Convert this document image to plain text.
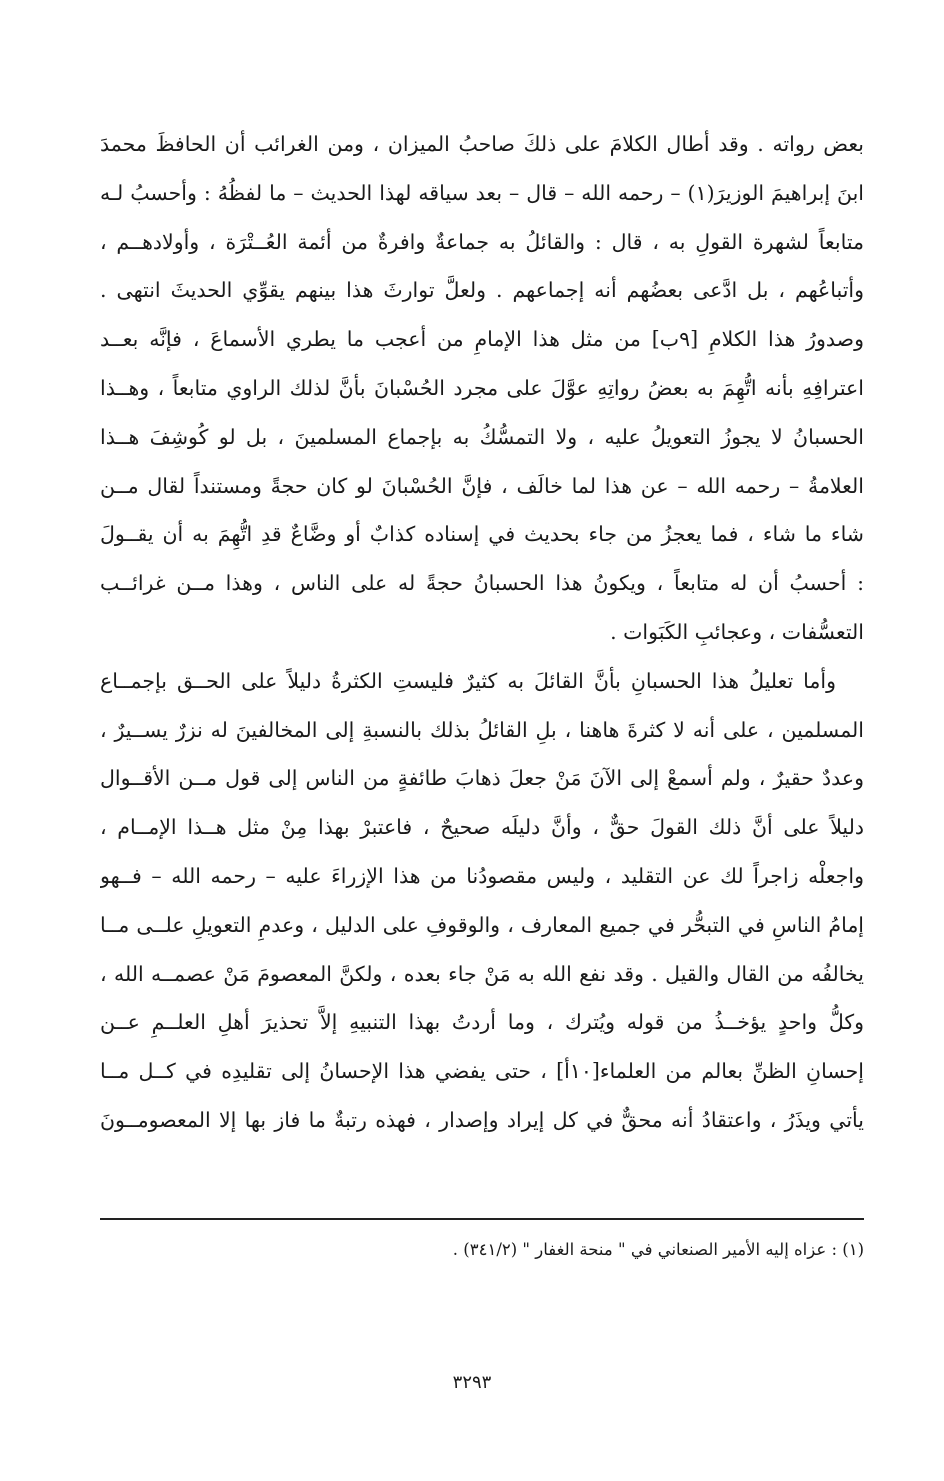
بعض رواته . وقد أطال الكلامَ على ذلكَ صاحبُ الميزان ، ومن الغرائب أن الحافظَ محمدَ
ابنَ إبراهيمَ الوزيرَ(١) – رحمه الله – قال – بعد سياقه لهذا الحديث – ما لفظُهُ : وأحسبُ لـه
متابعاً لشهرة القولِ به ، قال : والقائلُ به جماعةٌ وافرةٌ من أئمة العُــتْرَة ، وأولادهــم ،
وأتباعُهم ، بل ادَّعى بعضُهم أنه إجماعهم . ولعلَّ توارثَ هذا بينهم يقوِّي الحديثَ انتهى .
وصدورُ هذا الكلامِ [٩ب] من مثل هذا الإمامِ من أعجب ما يطري الأسماعَ ، فإنَّه بعــد
اعترافِهِ بأنه اتُّهِمَ به بعضُ رواتِهِ عوَّلَ على مجرد الحُسْبانَ بأنَّ لذلك الراوي متابعاً ، وهــذا
الحسبانُ لا يجوزُ التعويلُ عليه ، ولا التمسُّكُ به بإجماع المسلمينَ ، بل لو كُوشِفَ هــذا
العلامةُ – رحمه الله – عن هذا لما خالَف ، فإنَّ الحُسْبانَ لو كان حجةً ومستنداً لقال مــن
شاء ما شاء ، فما يعجزُ من جاء بحديث في إسناده كذابٌ أو وضَّاعٌ قدِ اتُّهِمَ به أن يقــولَ
: أحسبُ أن له متابعاً ، ويكونُ هذا الحسبانُ حجةً له على الناس ، وهذا مــن غرائــب
التعسُّفات ، وعجائبِ الكَبَوات .
وأما تعليلُ هذا الحسبانِ بأنَّ القائلَ به كثيرٌ فليستِ الكثرةُ دليلاً على الحــق بإجمــاع
المسلمين ، على أنه لا كثرةَ هاهنا ، بلِ القائلُ بذلك بالنسبةِ إلى المخالفينَ له نزرٌ يســيرٌ ،
وعددٌ حقيرٌ ، ولم أسمعْ إلى الآنَ مَنْ جعلَ ذهابَ طائفةٍ من الناس إلى قول مــن الأقــوال
دليلاً على أنَّ ذلك القولَ حقٌّ ، وأنَّ دليلَه صحيحٌ ، فاعتبرْ بهذا مِنْ مثل هــذا الإمــام ،
واجعلْه زاجراً لك عن التقليد ، وليس مقصودُنا من هذا الإزراءَ عليه – رحمه الله – فــهو
إمامُ الناسِ في التبحُّر في جميع المعارف ، والوقوفِ على الدليل ، وعدمِ التعويلِ علــى مــا
يخالفُه من القال والقيل . وقد نفع الله به مَنْ جاء بعده ، ولكنَّ المعصومَ مَنْ عصمــه الله ،
وكلُّ واحدٍ يؤخــذُ من قوله ويُترك ، وما أردتُ بهذا التنبيهِ إلاَّ تحذيرَ أهلِ العلــمِ عــن
إحسانِ الظنِّ بعالم من العلماء[١٠أ] ، حتى يفضي هذا الإحسانُ إلى تقليدِه في كــل مــا
يأتي ويذَرُ ، واعتقادُ أنه محقٌّ في كل إيراد وإصدار ، فهذه رتبةٌ ما فاز بها إلا المعصومــونَ
(١) : عزاه إليه الأمير الصنعاني في " منحة الغفار " (٣٤١/٢) .
٣٢٩٣
